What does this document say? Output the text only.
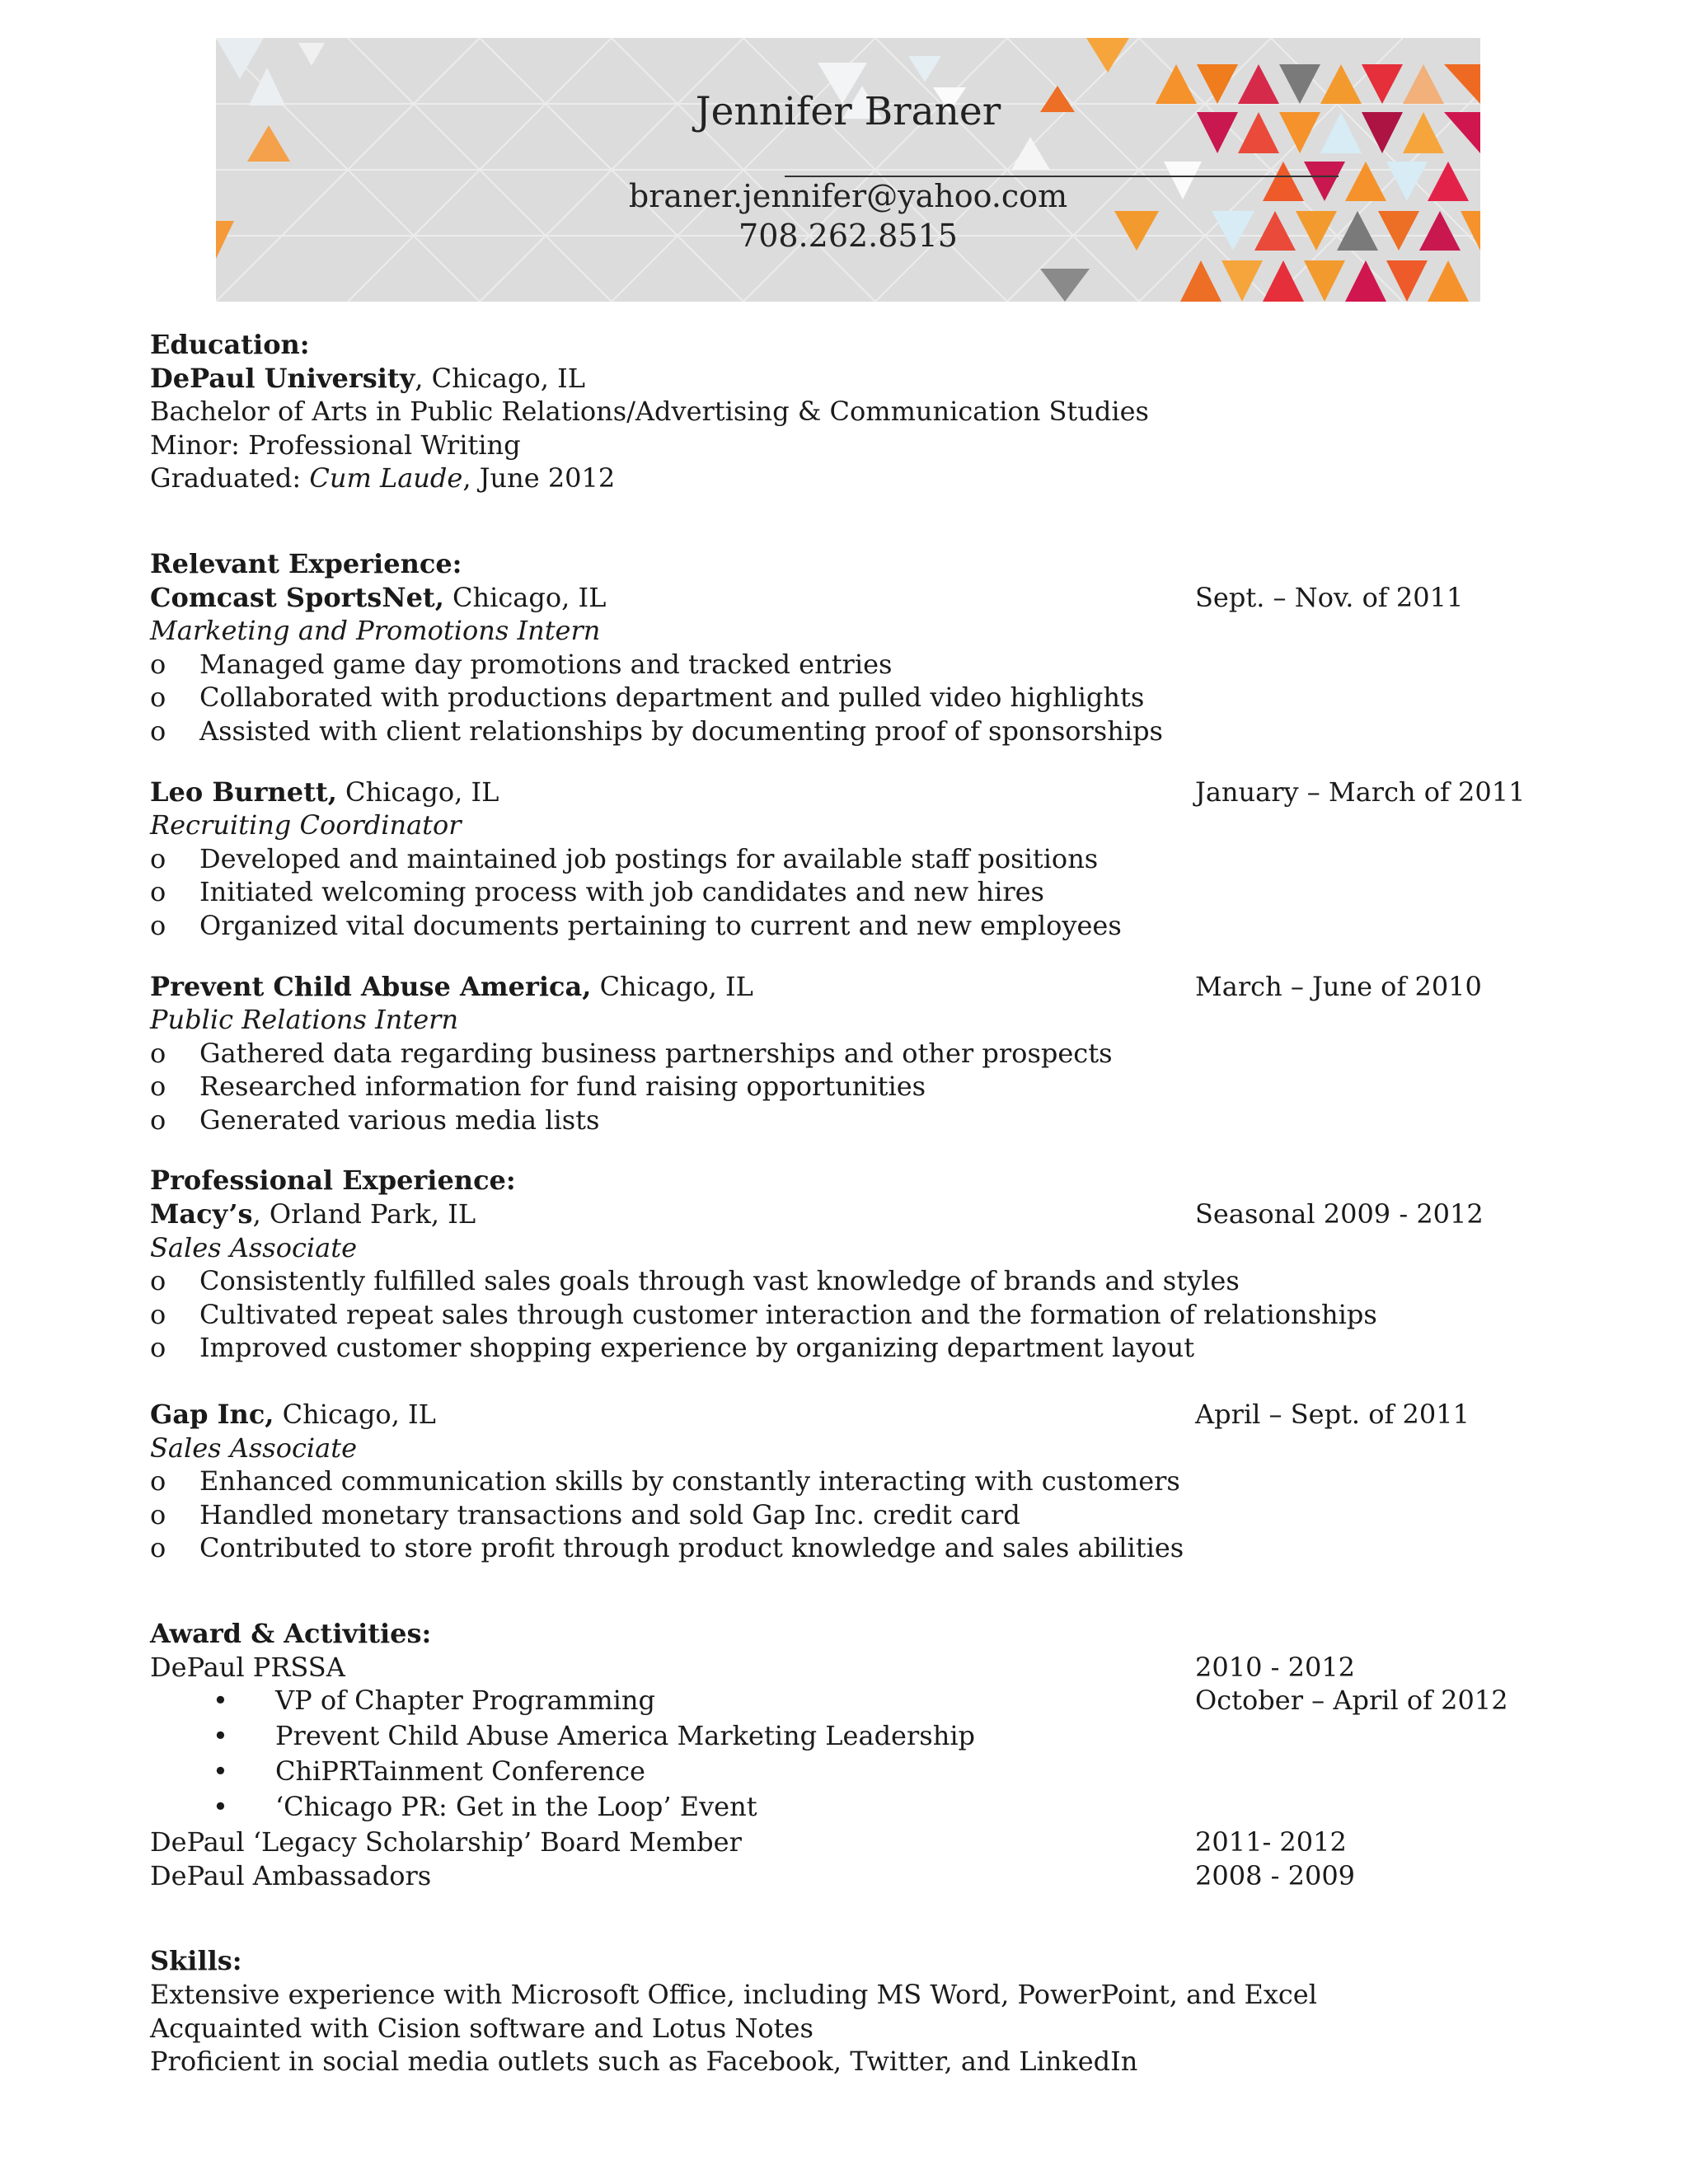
Jennifer Braner
braner.jennifer@yahoo.com
708.262.8515
Education:
DePaul University, Chicago, IL
Bachelor of Arts in Public Relations/Advertising & Communication Studies
Minor: Professional Writing
Graduated: Cum Laude, June 2012
Relevant Experience:
Comcast SportsNet, Chicago, IL	Sept. – Nov. of 2011
Marketing and Promotions Intern
o Managed game day promotions and tracked entries
o Collaborated with productions department and pulled video highlights
o Assisted with client relationships by documenting proof of sponsorships
Leo Burnett, Chicago, IL	January – March of 2011
Recruiting Coordinator
o Developed and maintained job postings for available staff positions
o Initiated welcoming process with job candidates and new hires
o Organized vital documents pertaining to current and new employees
Prevent Child Abuse America, Chicago, IL	March – June of 2010
Public Relations Intern
o Gathered data regarding business partnerships and other prospects
o Researched information for fund raising opportunities
o Generated various media lists
Professional Experience:
Macy’s, Orland Park, IL	Seasonal 2009 - 2012
Sales Associate
o Consistently fulfilled sales goals through vast knowledge of brands and styles
o Cultivated repeat sales through customer interaction and the formation of relationships
o Improved customer shopping experience by organizing department layout
Gap Inc, Chicago, IL	April – Sept. of 2011
Sales Associate
o Enhanced communication skills by constantly interacting with customers
o Handled monetary transactions and sold Gap Inc. credit card
o Contributed to store profit through product knowledge and sales abilities
Award & Activities:
DePaul PRSSA	2010 - 2012
• VP of Chapter Programming	October – April of 2012
• Prevent Child Abuse America Marketing Leadership
• ChiPRTainment Conference
• ‘Chicago PR: Get in the Loop’ Event
DePaul ‘Legacy Scholarship’ Board Member	2011- 2012
DePaul Ambassadors	2008 - 2009
Skills:
Extensive experience with Microsoft Office, including MS Word, PowerPoint, and Excel
Acquainted with Cision software and Lotus Notes
Proficient in social media outlets such as Facebook, Twitter, and LinkedIn
